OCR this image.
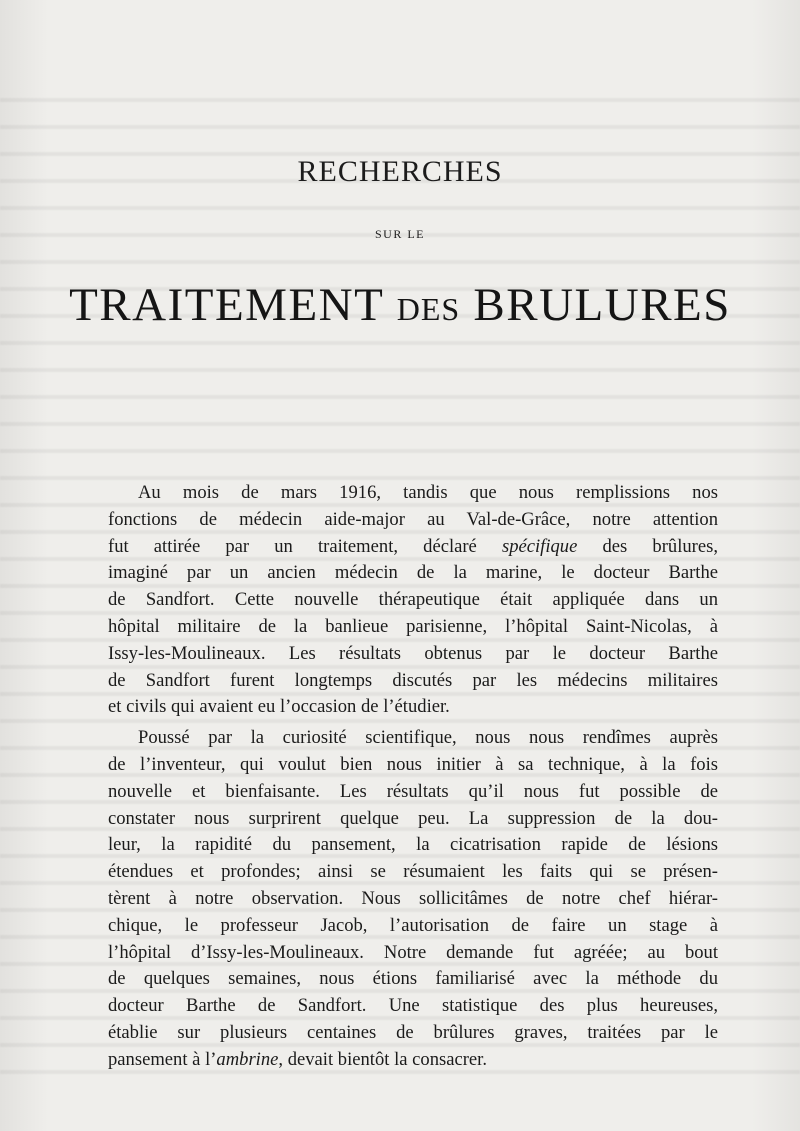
RECHERCHES
SUR LE
TRAITEMENT DES BRULURES
Au mois de mars 1916, tandis que nous remplissions nos
fonctions de médecin aide-major au Val-de-Grâce, notre attention
fut attirée par un traitement, déclaré spécifique des brûlures,
imaginé par un ancien médecin de la marine, le docteur Barthe
de Sandfort. Cette nouvelle thérapeutique était appliquée dans un
hôpital militaire de la banlieue parisienne, l’hôpital Saint-Nicolas, à
Issy-les-Moulineaux. Les résultats obtenus par le docteur Barthe
de Sandfort furent longtemps discutés par les médecins militaires
et civils qui avaient eu l’occasion de l’étudier.
Poussé par la curiosité scientifique, nous nous rendîmes auprès
de l’inventeur, qui voulut bien nous initier à sa technique, à la fois
nouvelle et bienfaisante. Les résultats qu’il nous fut possible de
constater nous surprirent quelque peu. La suppression de la dou-
leur, la rapidité du pansement, la cicatrisation rapide de lésions
étendues et profondes; ainsi se résumaient les faits qui se présen-
tèrent à notre observation. Nous sollicitâmes de notre chef hiérar-
chique, le professeur Jacob, l’autorisation de faire un stage à
l’hôpital d’Issy-les-Moulineaux. Notre demande fut agréée; au bout
de quelques semaines, nous étions familiarisé avec la méthode du
docteur Barthe de Sandfort. Une statistique des plus heureuses,
établie sur plusieurs centaines de brûlures graves, traitées par le
pansement à l’ambrine, devait bientôt la consacrer.
